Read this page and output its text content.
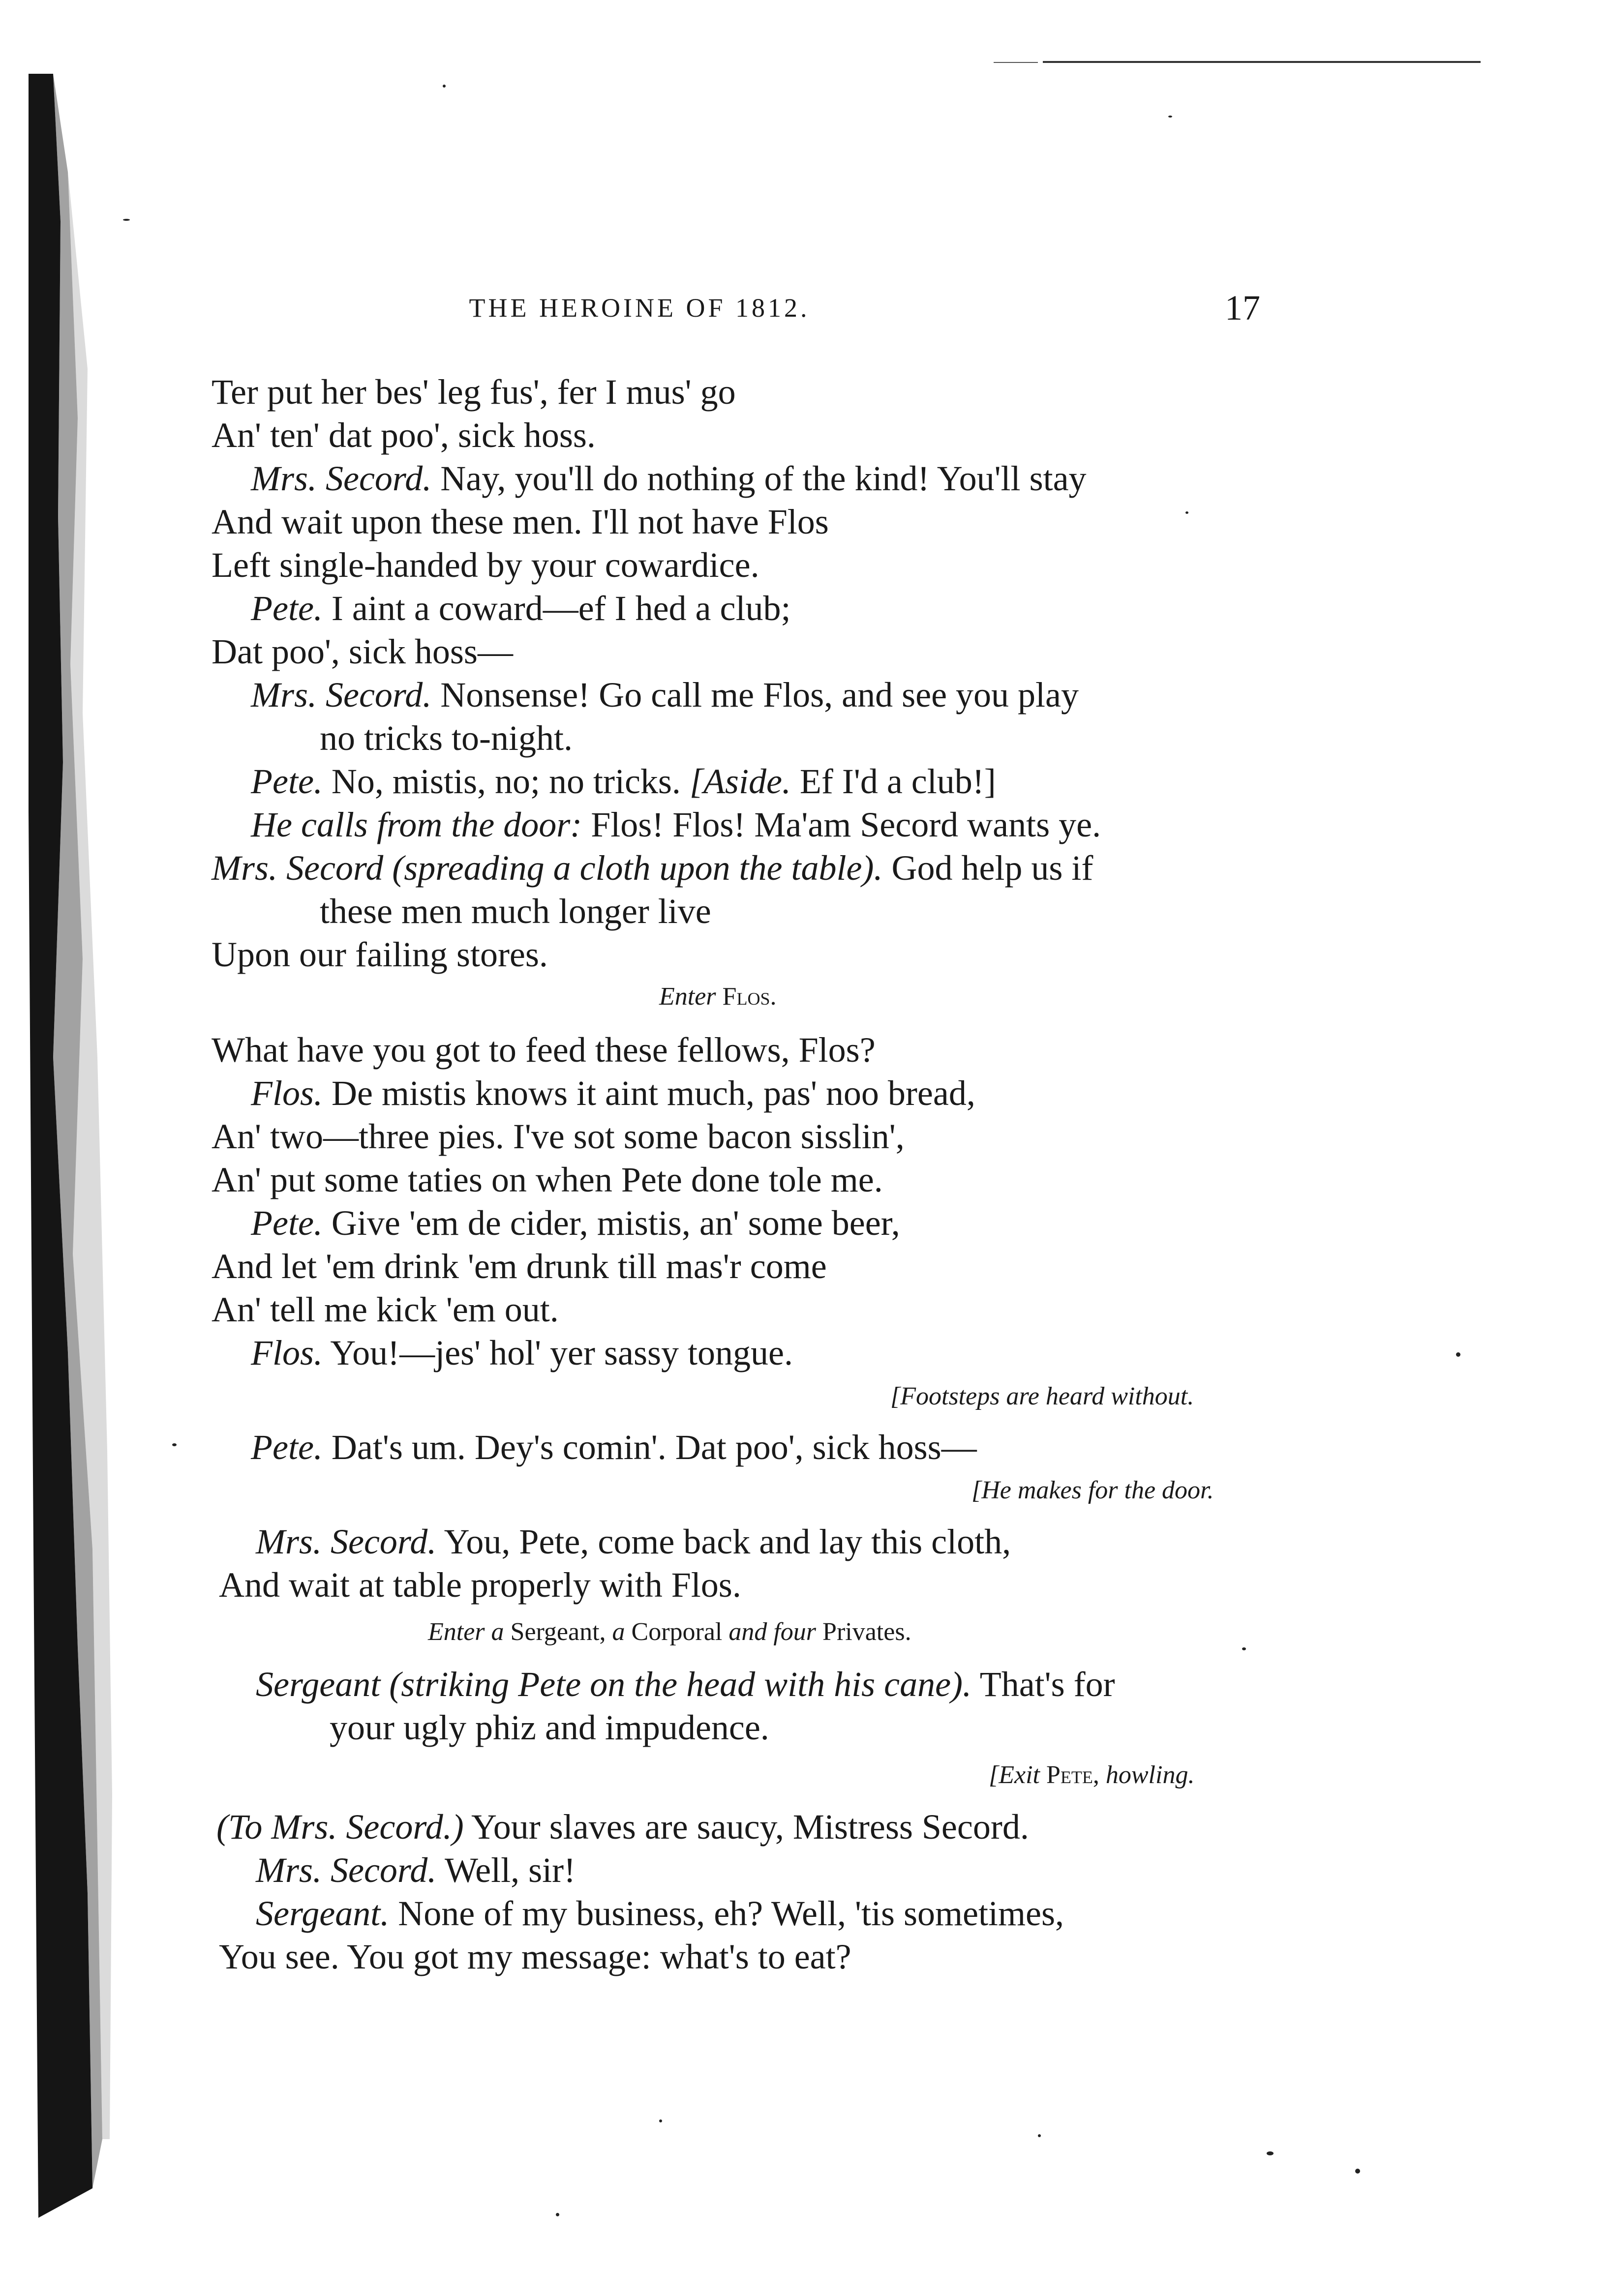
THE HEROINE OF 1812.	17
Ter put her bes' leg fus', fer I mus' go
An' ten' dat poo', sick hoss.
Mrs. Secord. Nay, you'll do nothing of the kind! You'll stay
And wait upon these men. I'll not have Flos
Left single-handed by your cowardice.
Pete. I aint a coward—ef I hed a club;
Dat poo', sick hoss—
Mrs. Secord. Nonsense! Go call me Flos, and see you play
no tricks to-night.
Pete. No, mistis, no; no tricks. [Aside. Ef I'd a club!]
He calls from the door: Flos! Flos! Ma'am Secord wants ye.
Mrs. Secord (spreading a cloth upon the table). God help us if
these men much longer live
Upon our failing stores.
Enter Flos.
What have you got to feed these fellows, Flos?
Flos. De mistis knows it aint much, pas' noo bread,
An' two—three pies. I've sot some bacon sisslin',
An' put some taties on when Pete done tole me.
Pete. Give 'em de cider, mistis, an' some beer,
And let 'em drink 'em drunk till mas'r come
An' tell me kick 'em out.
Flos. You!—jes' hol' yer sassy tongue.
[Footsteps are heard without.
Pete. Dat's um. Dey's comin'. Dat poo', sick hoss—
[He makes for the door.
Mrs. Secord. You, Pete, come back and lay this cloth,
And wait at table properly with Flos.
Enter a Sergeant, a Corporal and four Privates.
Sergeant (striking Pete on the head with his cane). That's for
your ugly phiz and impudence.
[Exit Pete, howling.
(To Mrs. Secord.) Your slaves are saucy, Mistress Secord.
Mrs. Secord. Well, sir!
Sergeant. None of my business, eh? Well, 'tis sometimes,
You see. You got my message: what's to eat?
